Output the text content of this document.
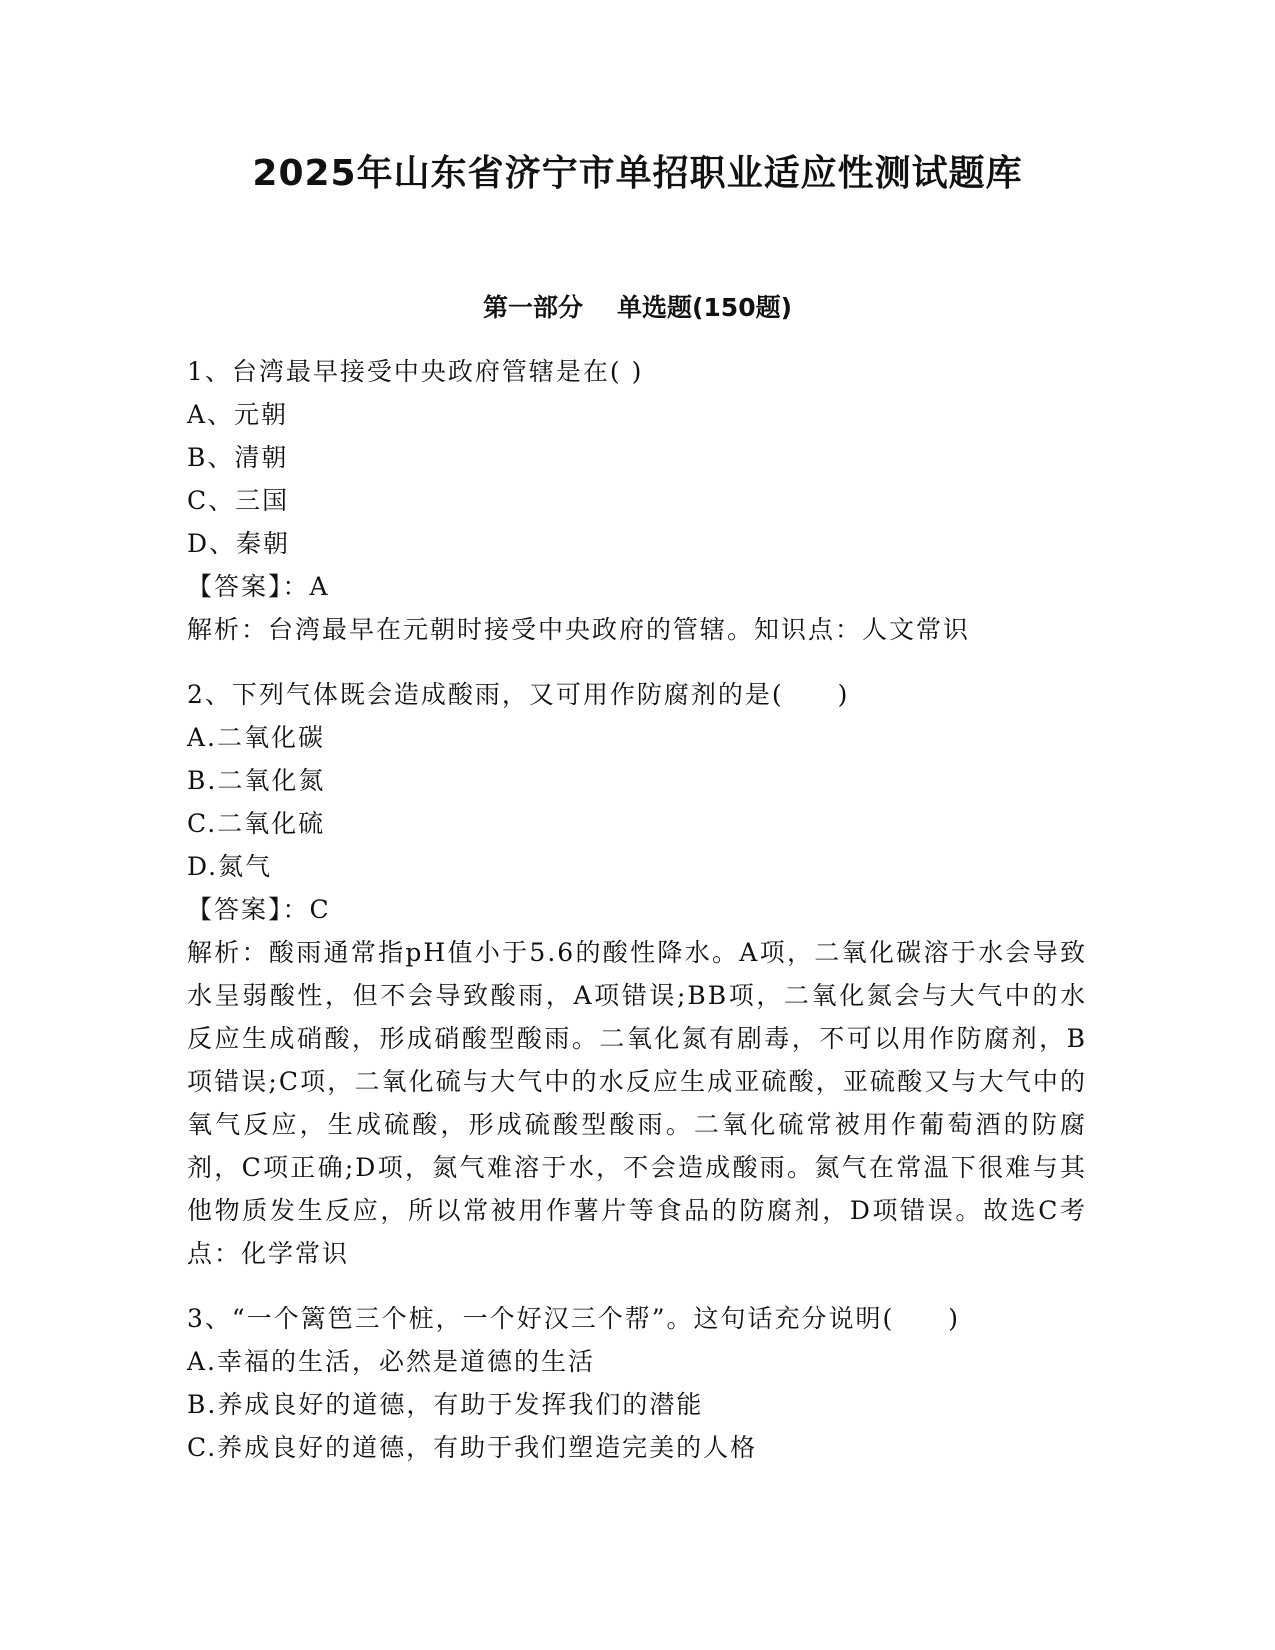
2025年山东省济宁市单招职业适应性测试题库
第一部分 单选题(150题)

1、台湾最早接受中央政府管辖是在( )

A、元朝

B、清朝

C、三国

D、秦朝

【答案】：A

解析：台湾最早在元朝时接受中央政府的管辖。知识点：人文常识

2、下列气体既会造成酸雨，又可用作防腐剂的是(　　)

A.二氧化碳

B.二氧化氮

C.二氧化硫

D.氮气

【答案】：C

解析：酸雨通常指pH值小于5.6的酸性降水。A项，二氧化碳溶于水会导致水呈弱酸性，但不会导致酸雨，A项错误;BB项，二氧化氮会与大气中的水反应生成硝酸，形成硝酸型酸雨。二氧化氮有剧毒，不可以用作防腐剂，B项错误;C项，二氧化硫与大气中的水反应生成亚硫酸，亚硫酸又与大气中的氧气反应，生成硫酸，形成硫酸型酸雨。二氧化硫常被用作葡萄酒的防腐剂，C项正确;D项，氮气难溶于水，不会造成酸雨。氮气在常温下很难与其他物质发生反应，所以常被用作薯片等食品的防腐剂，D项错误。故选C考点：化学常识

3、“一个篱笆三个桩，一个好汉三个帮”。这句话充分说明(　　)

A.幸福的生活，必然是道德的生活

B.养成良好的道德，有助于发挥我们的潜能

C.养成良好的道德，有助于我们塑造完美的人格
